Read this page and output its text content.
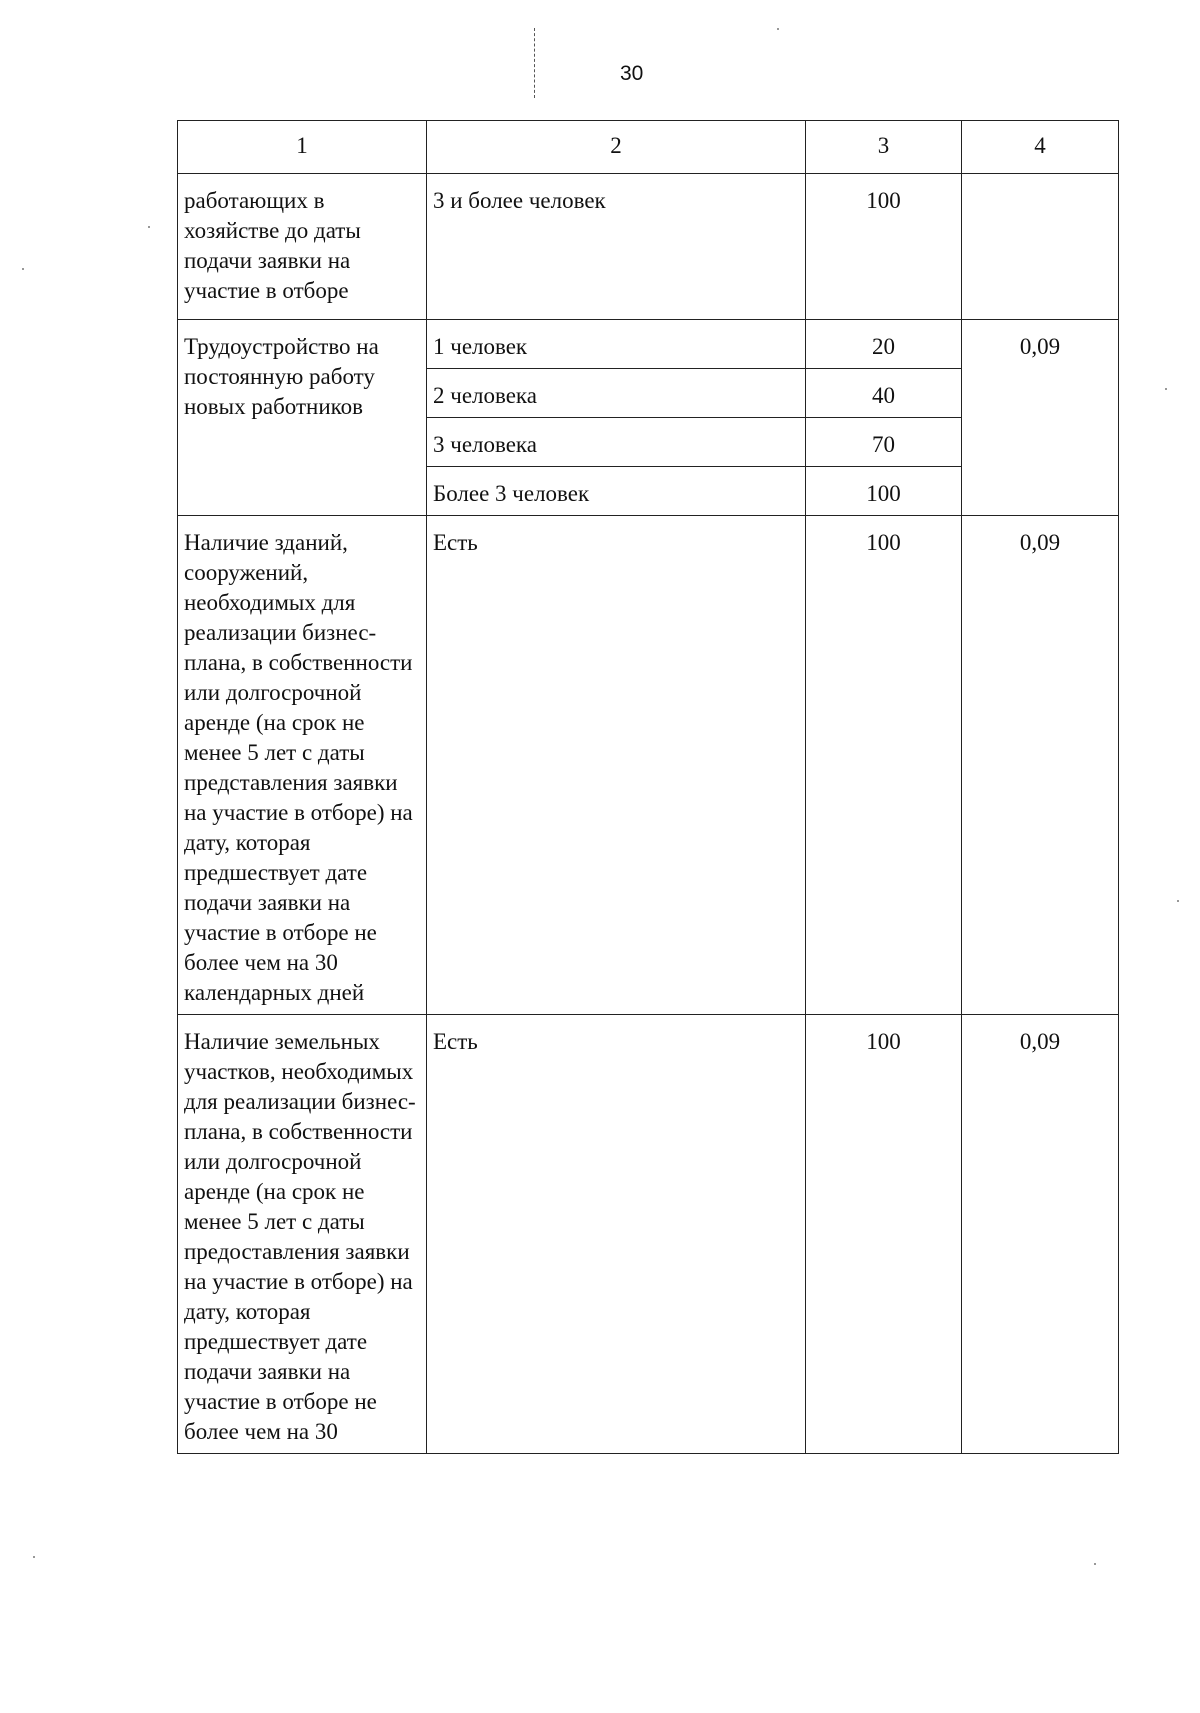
30
1	2	3	4
работающих в хозяйстве до даты подачи заявки на участие в отборе	3 и более человек	100	
Трудоустройство на постоянную работу новых работников	1 человек	20	0,09
	2 человека	40	
	3 человека	70	
	Более 3 человек	100	
Наличие зданий, сооружений, необходимых для реализации бизнес-плана, в собственности или долгосрочной аренде (на срок не менее 5 лет с даты представления заявки на участие в отборе) на дату, которая предшествует дате подачи заявки на участие в отборе не более чем на 30 календарных дней	Есть	100	0,09
Наличие земельных участков, необходимых для реализации бизнес-плана, в собственности или долгосрочной аренде (на срок не менее 5 лет с даты предоставления заявки на участие в отборе) на дату, которая предшествует дате подачи заявки на участие в отборе не более чем на 30	Есть	100	0,09
